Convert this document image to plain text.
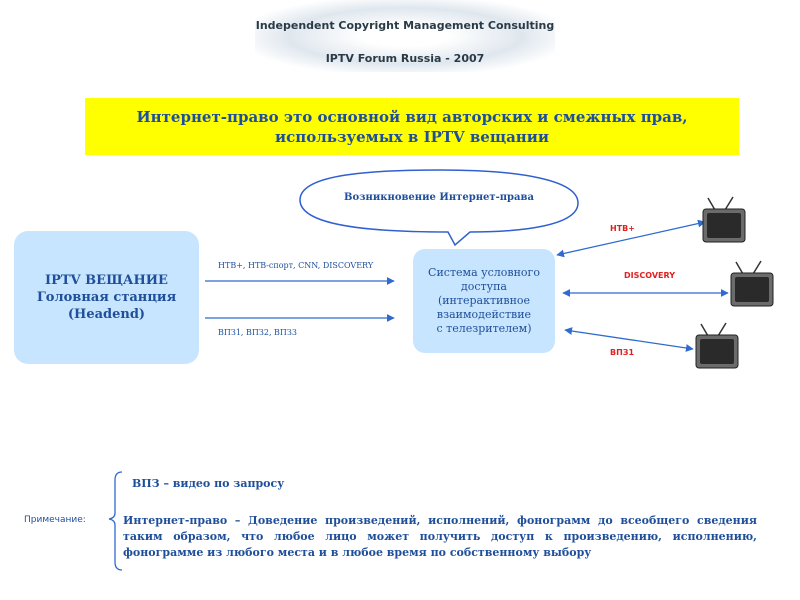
Independent Copyright Management Consulting
IPTV Forum Russia - 2007
Интернет-право это основной вид авторских и смежных прав, используемых в IPTV вещании
Возникновение Интернет-права
IPTV ВЕЩАНИЕ
Головная станция
(Headend)
Система условного
доступа
(интерактивное
взаимодействие
с телезрителем)
НТВ+, НТВ-спорт, CNN, DISCOVERY
ВПЗ1, ВПЗ2, ВПЗ3
НТВ+
DISCOVERY
ВПЗ1
Примечание:
ВПЗ – видео по запросу
Интернет-право – Доведение произведений, исполнений, фонограмм до всеобщего сведения таким образом, что любое лицо может получить доступ к произведению, исполнению, фонограмме из любого места и в любое время по собственному выбору
